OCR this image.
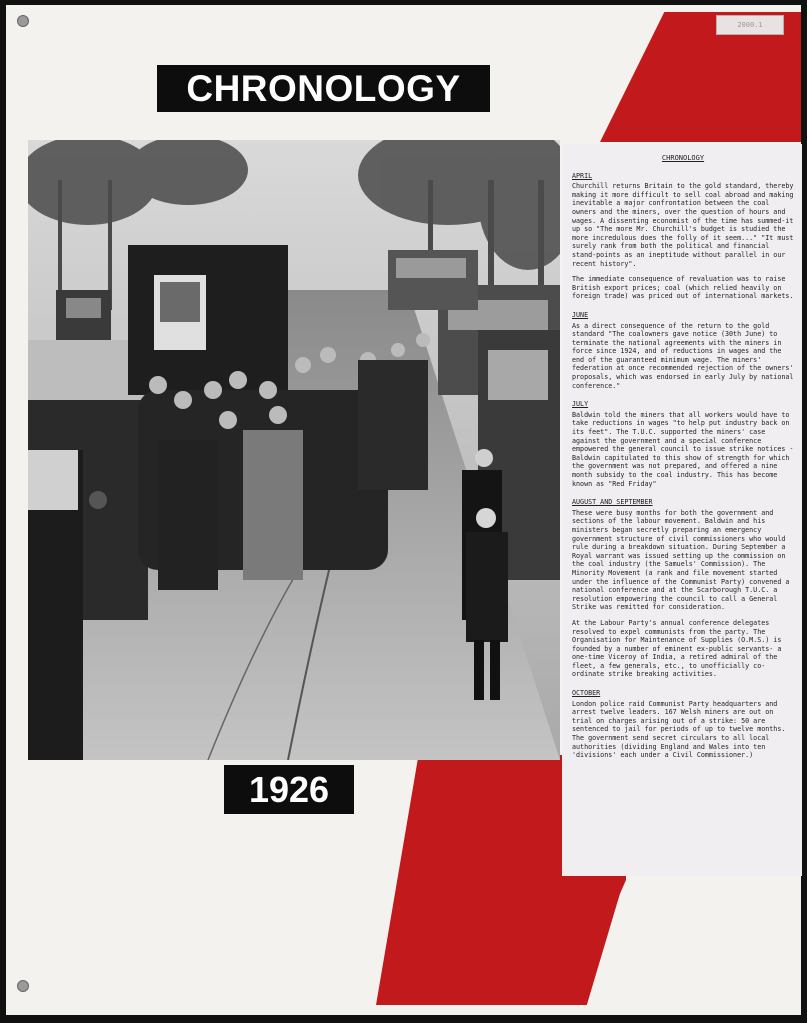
2000.1
CHRONOLOGY
1926
CHRONOLOGY
APRIL

Churchill returns Britain to the gold standard, thereby making it more difficult to sell coal abroad and making inevitable a major confrontation between the coal owners and the miners, over the question of hours and wages. A dissenting economist of the time has summed-it up so "The more Mr. Churchill's budget is studied the more incredulous does the folly of it seem..." "It must surely rank from both the political and financial stand-points as an ineptitude without parallel in our recent history".

The immediate consequence of revaluation was to raise British export prices; coal (which relied heavily on foreign trade) was priced out of international markets.

JUNE

As a direct consequence of the return to the gold standard "The coalowners gave notice (30th June) to terminate the national agreements with the miners in force since 1924, and of reductions in wages and the end of the guaranteed minimum wage. The miners' federation at once recommended rejection of the owners' proposals, which was endorsed in early July by national conference."

JULY

Baldwin told the miners that all workers would have to take reductions in wages "to help put industry back on its feet". The T.U.C. supported the miners' case against the government and a special conference empowered the general council to issue strike notices - Baldwin capitulated to this show of strength for which the government was not prepared, and offered a nine month subsidy to the coal industry. This has become known as "Red Friday"

AUGUST AND SEPTEMBER

These were busy months for both the government and sections of the labour movement. Baldwin and his ministers began secretly preparing an emergency government structure of civil commissioners who would rule during a breakdown situation. During September a Royal warrant was issued setting up the commission on the coal industry (the Samuels' Commission). The Minority Movement (a rank and file movement started under the influence of the Communist Party) convened a national conference and at the Scarborough T.U.C. a resolution empowering the council to call a General Strike was remitted for consideration.

At the Labour Party's annual conference delegates resolved to expel communists from the party. The Organisation for Maintenance of Supplies (O.M.S.) is founded by a number of eminent ex-public servants- a one-time Viceroy of India, a retired admiral of the fleet, a few generals, etc., to unofficially co-ordinate strike breaking activities.

OCTOBER

London police raid Communist Party headquarters and arrest twelve leaders. 167 Welsh miners are out on trial on charges arising out of a strike: 50 are sentenced to jail for periods of up to twelve months. The government send secret circulars to all local authorities (dividing England and Wales into ten 'divisions' each under a Civil Commissioner.)
